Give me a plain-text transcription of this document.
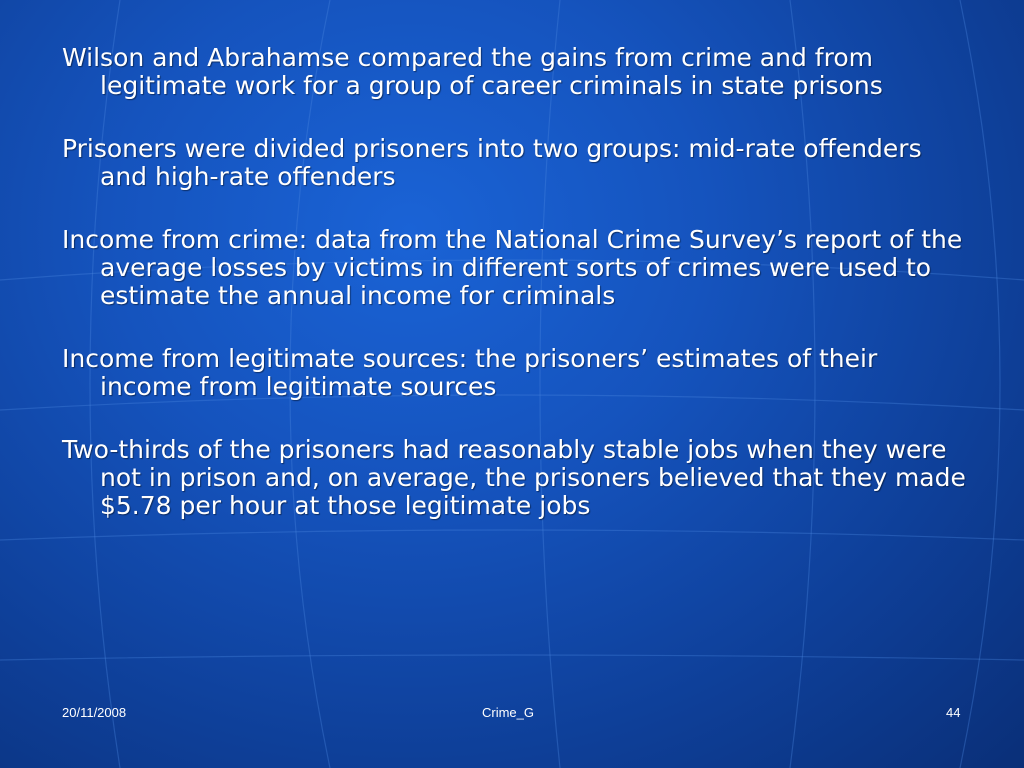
Wilson and Abrahamse compared the gains from crime and from legitimate work for a group of career criminals in state prisons

Prisoners were divided prisoners into two groups: mid-rate offenders and high-rate offenders

Income from crime: data from the National Crime Survey’s report of the average losses by victims in different sorts of crimes were used to estimate the annual income for criminals

Income from legitimate sources: the prisoners’ estimates of their income from legitimate sources

Two-thirds of the prisoners had reasonably stable jobs when they were not in prison and, on average, the prisoners believed that they made $5.78 per hour at those legitimate jobs

20/11/2008	Crime_G	44
